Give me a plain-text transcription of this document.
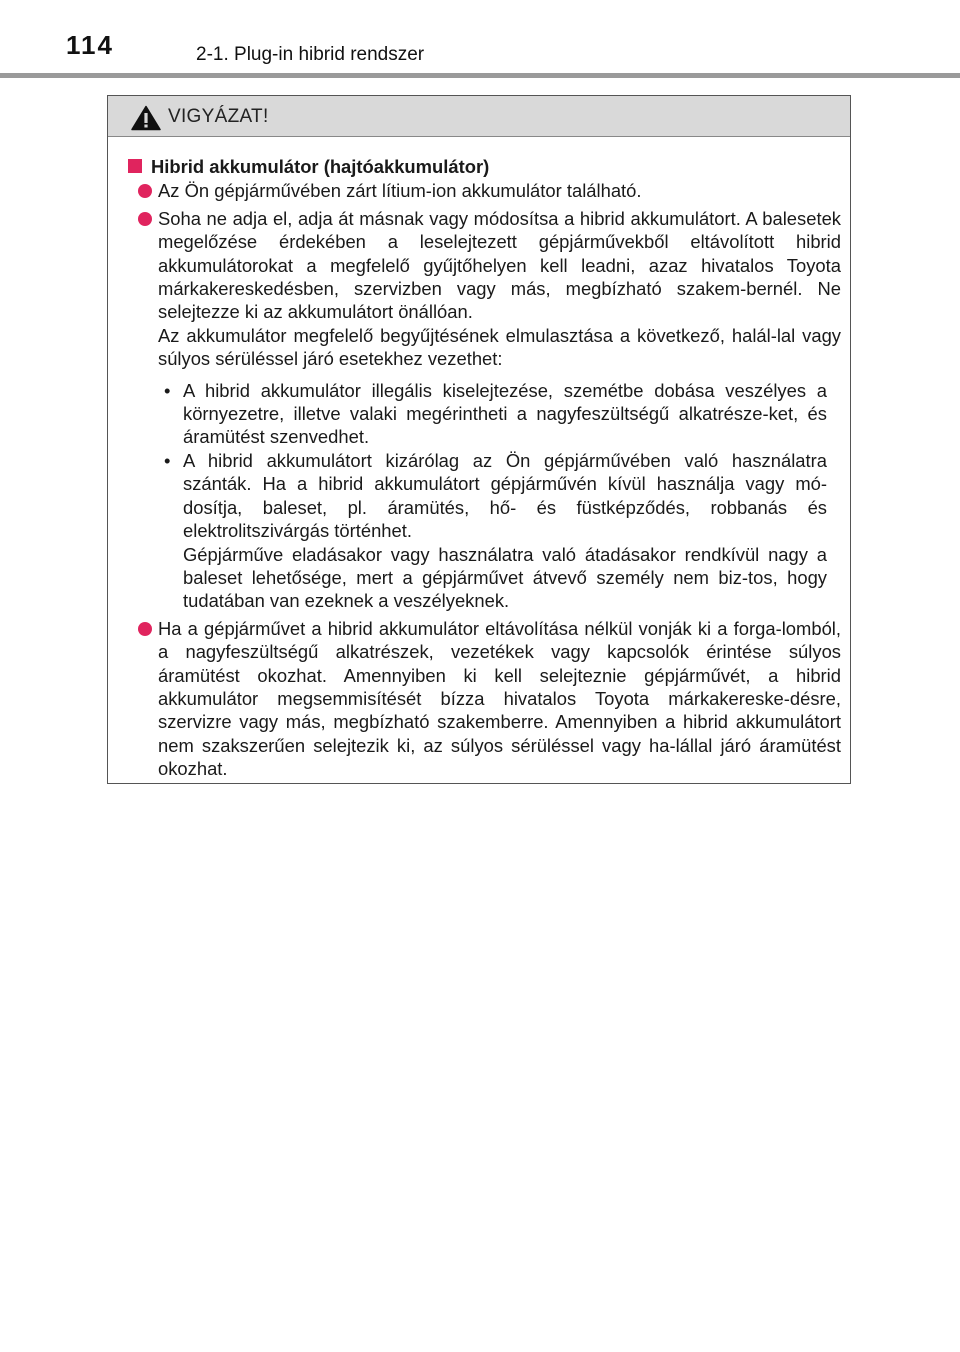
114	2-1. Plug-in hibrid rendszer
VIGYÁZAT!
Hibrid akkumulátor (hajtóakkumulátor)
Az Ön gépjárművében zárt lítium-ion akkumulátor található.
Soha ne adja el, adja át másnak vagy módosítsa a hibrid akkumulátort. A balesetek megelőzése érdekében a leselejtezett gépjárművekből eltávolított hibrid akkumulátorokat a megfelelő gyűjtőhelyen kell leadni, azaz hivatalos Toyota márkakereskedésben, szervizben vagy más, megbízható szakem-bernél. Ne selejtezze ki az akkumulátort önállóan.
Az akkumulátor megfelelő begyűjtésének elmulasztása a következő, halál-lal vagy súlyos sérüléssel járó esetekhez vezethet:
• A hibrid akkumulátor illegális kiselejtezése, szemétbe dobása veszélyes a környezetre, illetve valaki megérintheti a nagyfeszültségű alkatrésze-ket, és áramütést szenvedhet.
• A hibrid akkumulátort kizárólag az Ön gépjárművében való használatra szánták. Ha a hibrid akkumulátort gépjárművén kívül használja vagy mó-dosítja, baleset, pl. áramütés, hő- és füstképződés, robbanás és elektrolitszivárgás történhet.
Gépjárműve eladásakor vagy használatra való átadásakor rendkívül nagy a baleset lehetősége, mert a gépjárművet átvevő személy nem biz-tos, hogy tudatában van ezeknek a veszélyeknek.
Ha a gépjárművet a hibrid akkumulátor eltávolítása nélkül vonják ki a forga-lomból, a nagyfeszültségű alkatrészek, vezetékek vagy kapcsolók érintése súlyos áramütést okozhat. Amennyiben ki kell selejteznie gépjárművét, a hibrid akkumulátor megsemmisítését bízza hivatalos Toyota márkakereske-désre, szervizre vagy más, megbízható szakemberre. Amennyiben a hibrid akkumulátort nem szakszerűen selejtezik ki, az súlyos sérüléssel vagy ha-lállal járó áramütést okozhat.
